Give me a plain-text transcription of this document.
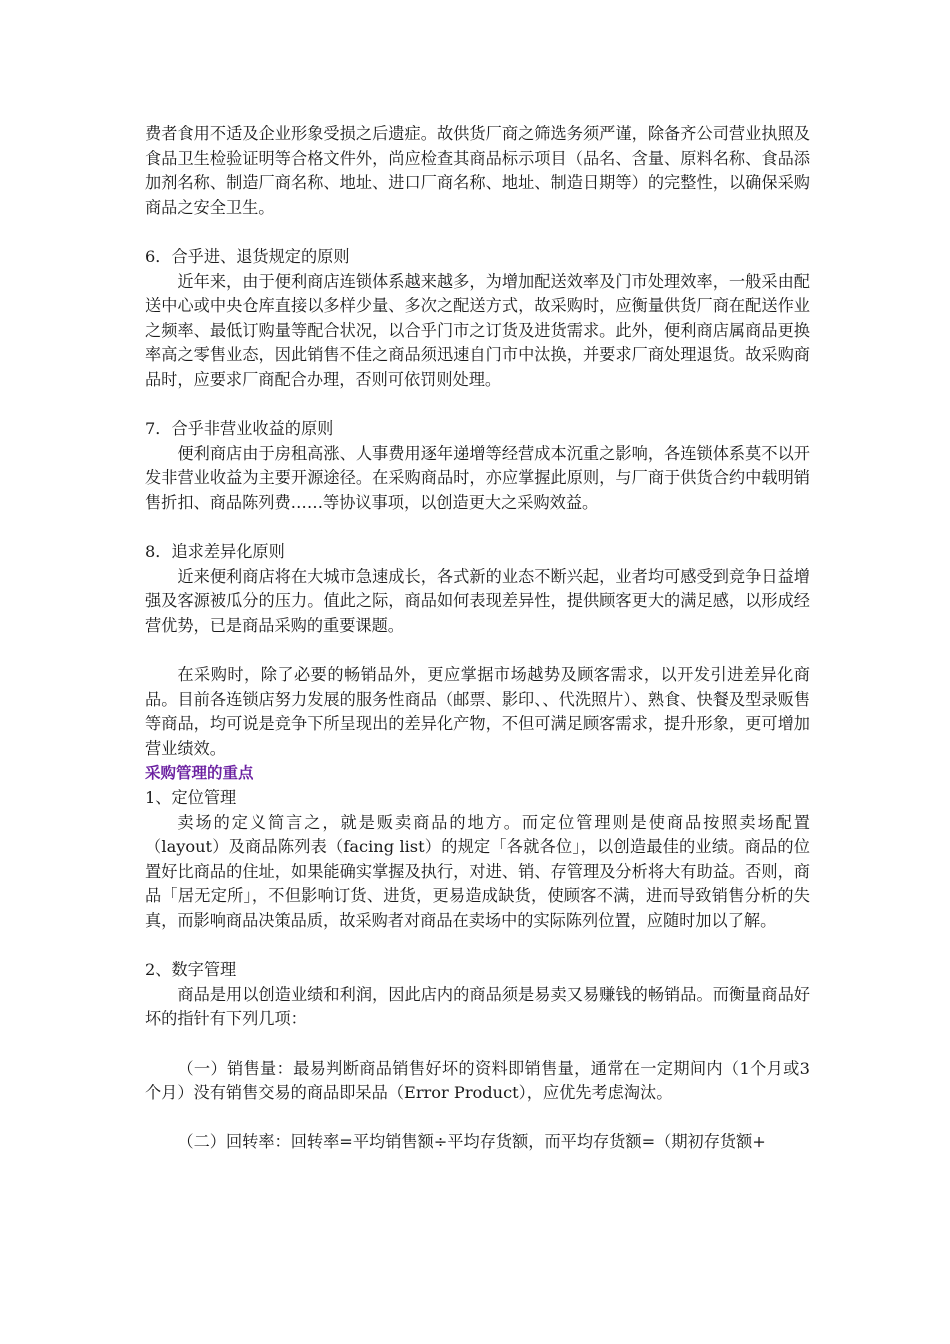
费者食用不适及企业形象受损之后遗症。故供货厂商之筛选务须严谨，除备齐公司营业执照及食品卫生检验证明等合格文件外，尚应检查其商品标示项目（品名、含量、原料名称、食品添加剂名称、制造厂商名称、地址、进口厂商名称、地址、制造日期等）的完整性，以确保采购商品之安全卫生。

6．合乎进、退货规定的原则

近年来，由于便利商店连锁体系越来越多，为增加配送效率及门市处理效率，一般采由配送中心或中央仓库直接以多样少量、多次之配送方式，故采购时，应衡量供货厂商在配送作业之频率、最低订购量等配合状况，以合乎门市之订货及进货需求。此外，便利商店属商品更换率高之零售业态，因此销售不佳之商品须迅速自门市中汰换，并要求厂商处理退货。故采购商品时，应要求厂商配合办理，否则可依罚则处理。

7．合乎非营业收益的原则

便利商店由于房租高涨、人事费用逐年递增等经营成本沉重之影响，各连锁体系莫不以开发非营业收益为主要开源途径。在采购商品时，亦应掌握此原则，与厂商于供货合约中载明销售折扣、商品陈列费……等协议事项，以创造更大之采购效益。

8．追求差异化原则

近来便利商店将在大城市急速成长，各式新的业态不断兴起，业者均可感受到竞争日益增强及客源被瓜分的压力。值此之际，商品如何表现差异性，提供顾客更大的满足感，以形成经营优势，已是商品采购的重要课题。

在采购时，除了必要的畅销品外，更应掌据市场越势及顾客需求，以开发引进差异化商品。目前各连锁店努力发展的服务性商品（邮票、影印、、代洗照片）、熟食、快餐及型录贩售等商品，均可说是竞争下所呈现出的差异化产物，不但可满足顾客需求，提升形象，更可增加营业绩效。

采购管理的重点

1、定位管理

卖场的定义简言之，就是贩卖商品的地方。而定位管理则是使商品按照卖场配置（layout）及商品陈列表（facing list）的规定「各就各位」，以创造最佳的业绩。商品的位置好比商品的住址，如果能确实掌握及执行，对进、销、存管理及分析将大有助益。否则，商品「居无定所」，不但影响订货、进货，更易造成缺货，使顾客不满，进而导致销售分析的失真，而影响商品决策品质，故采购者对商品在卖场中的实际陈列位置，应随时加以了解。

2、数字管理

商品是用以创造业绩和利润，因此店内的商品须是易卖又易赚钱的畅销品。而衡量商品好坏的指针有下列几项：

（一）销售量：最易判断商品销售好坏的资料即销售量，通常在一定期间内（1个月或3个月）没有销售交易的商品即呆品（Error Product），应优先考虑淘汰。

（二）回转率：回转率=平均销售额÷平均存货额，而平均存货额=（期初存货额+
